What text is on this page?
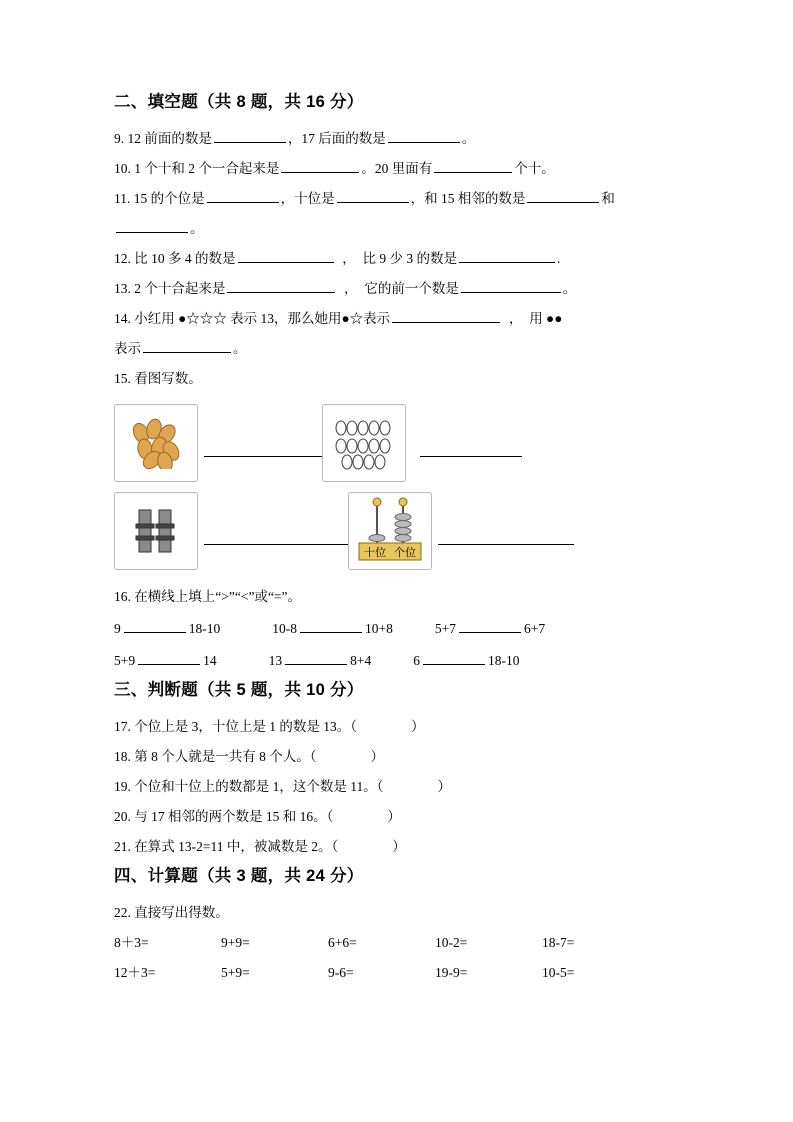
二、填空题（共 8 题，共 16 分）

9. 12 前面的数是	，17 后面的数是	。

10. 1 个十和 2 个一合起来是	。20 里面有	个十。

11. 15 的个位是	，十位是	，和 15 相邻的数是	和
。

12. 比 10 多 4 的数是	， 比 9 少 3 的数是	.

13. 2 个十合起来是	， 它的前一个数是	。

14. 小红用 ●☆☆☆ 表示 13，那么她用●☆表示	， 用 ●●
表示	。

15. 看图写数。

十位 个位

16. 在横线上填上“>”“<”或“=”。

9	18-10	10-8	10+8	5+7	6+7
5+9	14	13	8+4	6	18-10
三、判断题（共 5 题，共 10 分）

17. 个位上是 3，十位上是 1 的数是 13。（	）

18. 第 8 个人就是一共有 8 个人。（	）

19. 个位和十位上的数都是 1，这个数是 11。（	）

20. 与 17 相邻的两个数是 15 和 16。（	）

21. 在算式 13-2=11 中，被减数是 2。（	）

四、计算题（共 3 题，共 24 分）

22. 直接写出得数。

8＋3=	9+9=	6+6=	10-2=	18-7=
12＋3=	5+9=	9-6=	19-9=	10-5=
